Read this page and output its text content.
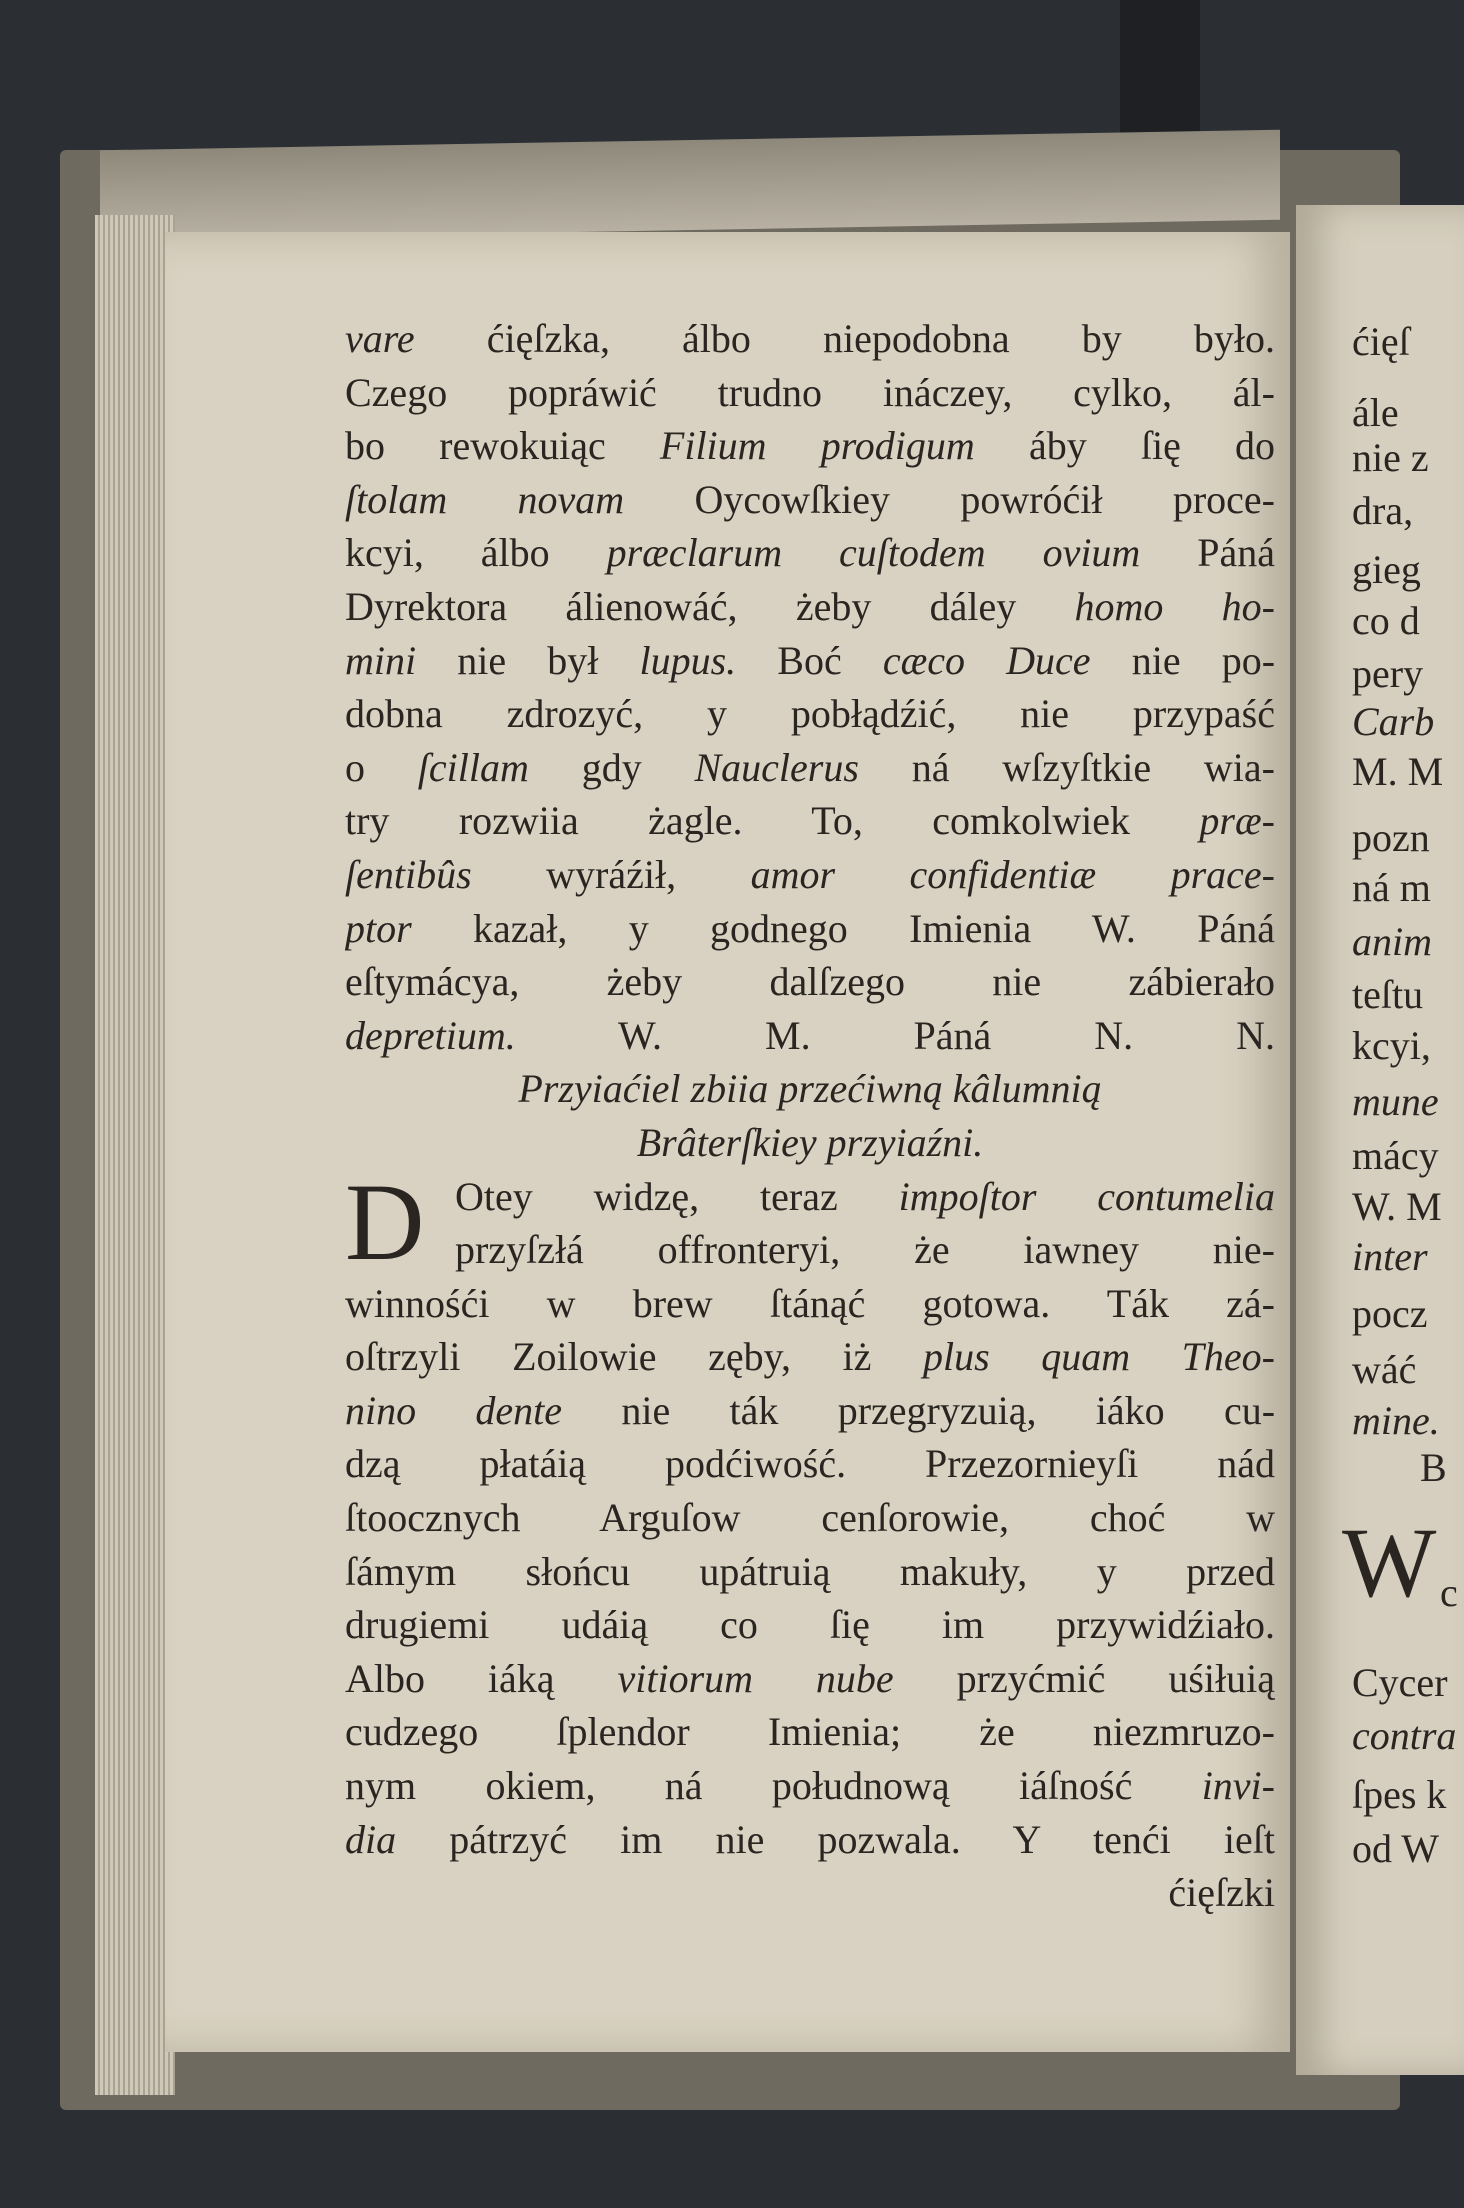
vare ćięſzka, álbo niepodobna by było.
Czego popráwić trudno ináczey, cylko, ál-
bo rewokuiąc Filium prodigum áby ſię do
ſtolam novam Oycowſkiey powróćił proce-
kcyi, álbo præclarum cuſtodem ovium Páná
Dyrektora álienowáć, żeby dáley homo ho-
mini nie był lupus. Boć cæco Duce nie po-
dobna zdrozyć, y pobłądźić, nie przypaść
o ſcillam gdy Nauclerus ná wſzyſtkie wia-
try rozwiia żagle. To, comkolwiek præ-
ſentibûs wyráźił, amor confidentiæ prace-
ptor kazał, y godnego Imienia W. Páná
eſtymácya, żeby dalſzego nie zábierało
depretium.	W. M. Páná N. N.
Przyiaćiel zbiia przećiwną kâlumnią
Brâterſkiey przyiaźni.
Otey widzę, teraz impoſtor contumelia
przyſzłá offronteryi, że iawney nie-
winnośći w brew ſtánąć gotowa. Ták zá-
oſtrzyli Zoilowie zęby, iż plus quam Theo-
nino dente nie ták przegryzuią, iáko cu-
dzą płatáią podćiwość. Przezornieyſi nád
ſtoocznych Arguſow cenſorowie, choć w
ſámym słońcu upátruią makuły, y przed
drugiemi udáią co ſię im przywidźiało.
Albo iáką vitiorum nube przyćmić uśiłuią
cudzego ſplendor Imienia; że niezmruzo-
nym okiem, ná połudnową iáſność invi-
dia pátrzyć im nie pozwala. Y tenći ieſt
ćięſzki
D
ćięſ
ále
nie z
dra,
gieg
co d
pery
Carb
M. M
pozn
ná m
anim
teſtu
kcyi,
mune
mácy
W. M
inter
pocz
wáć
mine.
B
c
Cycer
contra
ſpes k
od W
W
